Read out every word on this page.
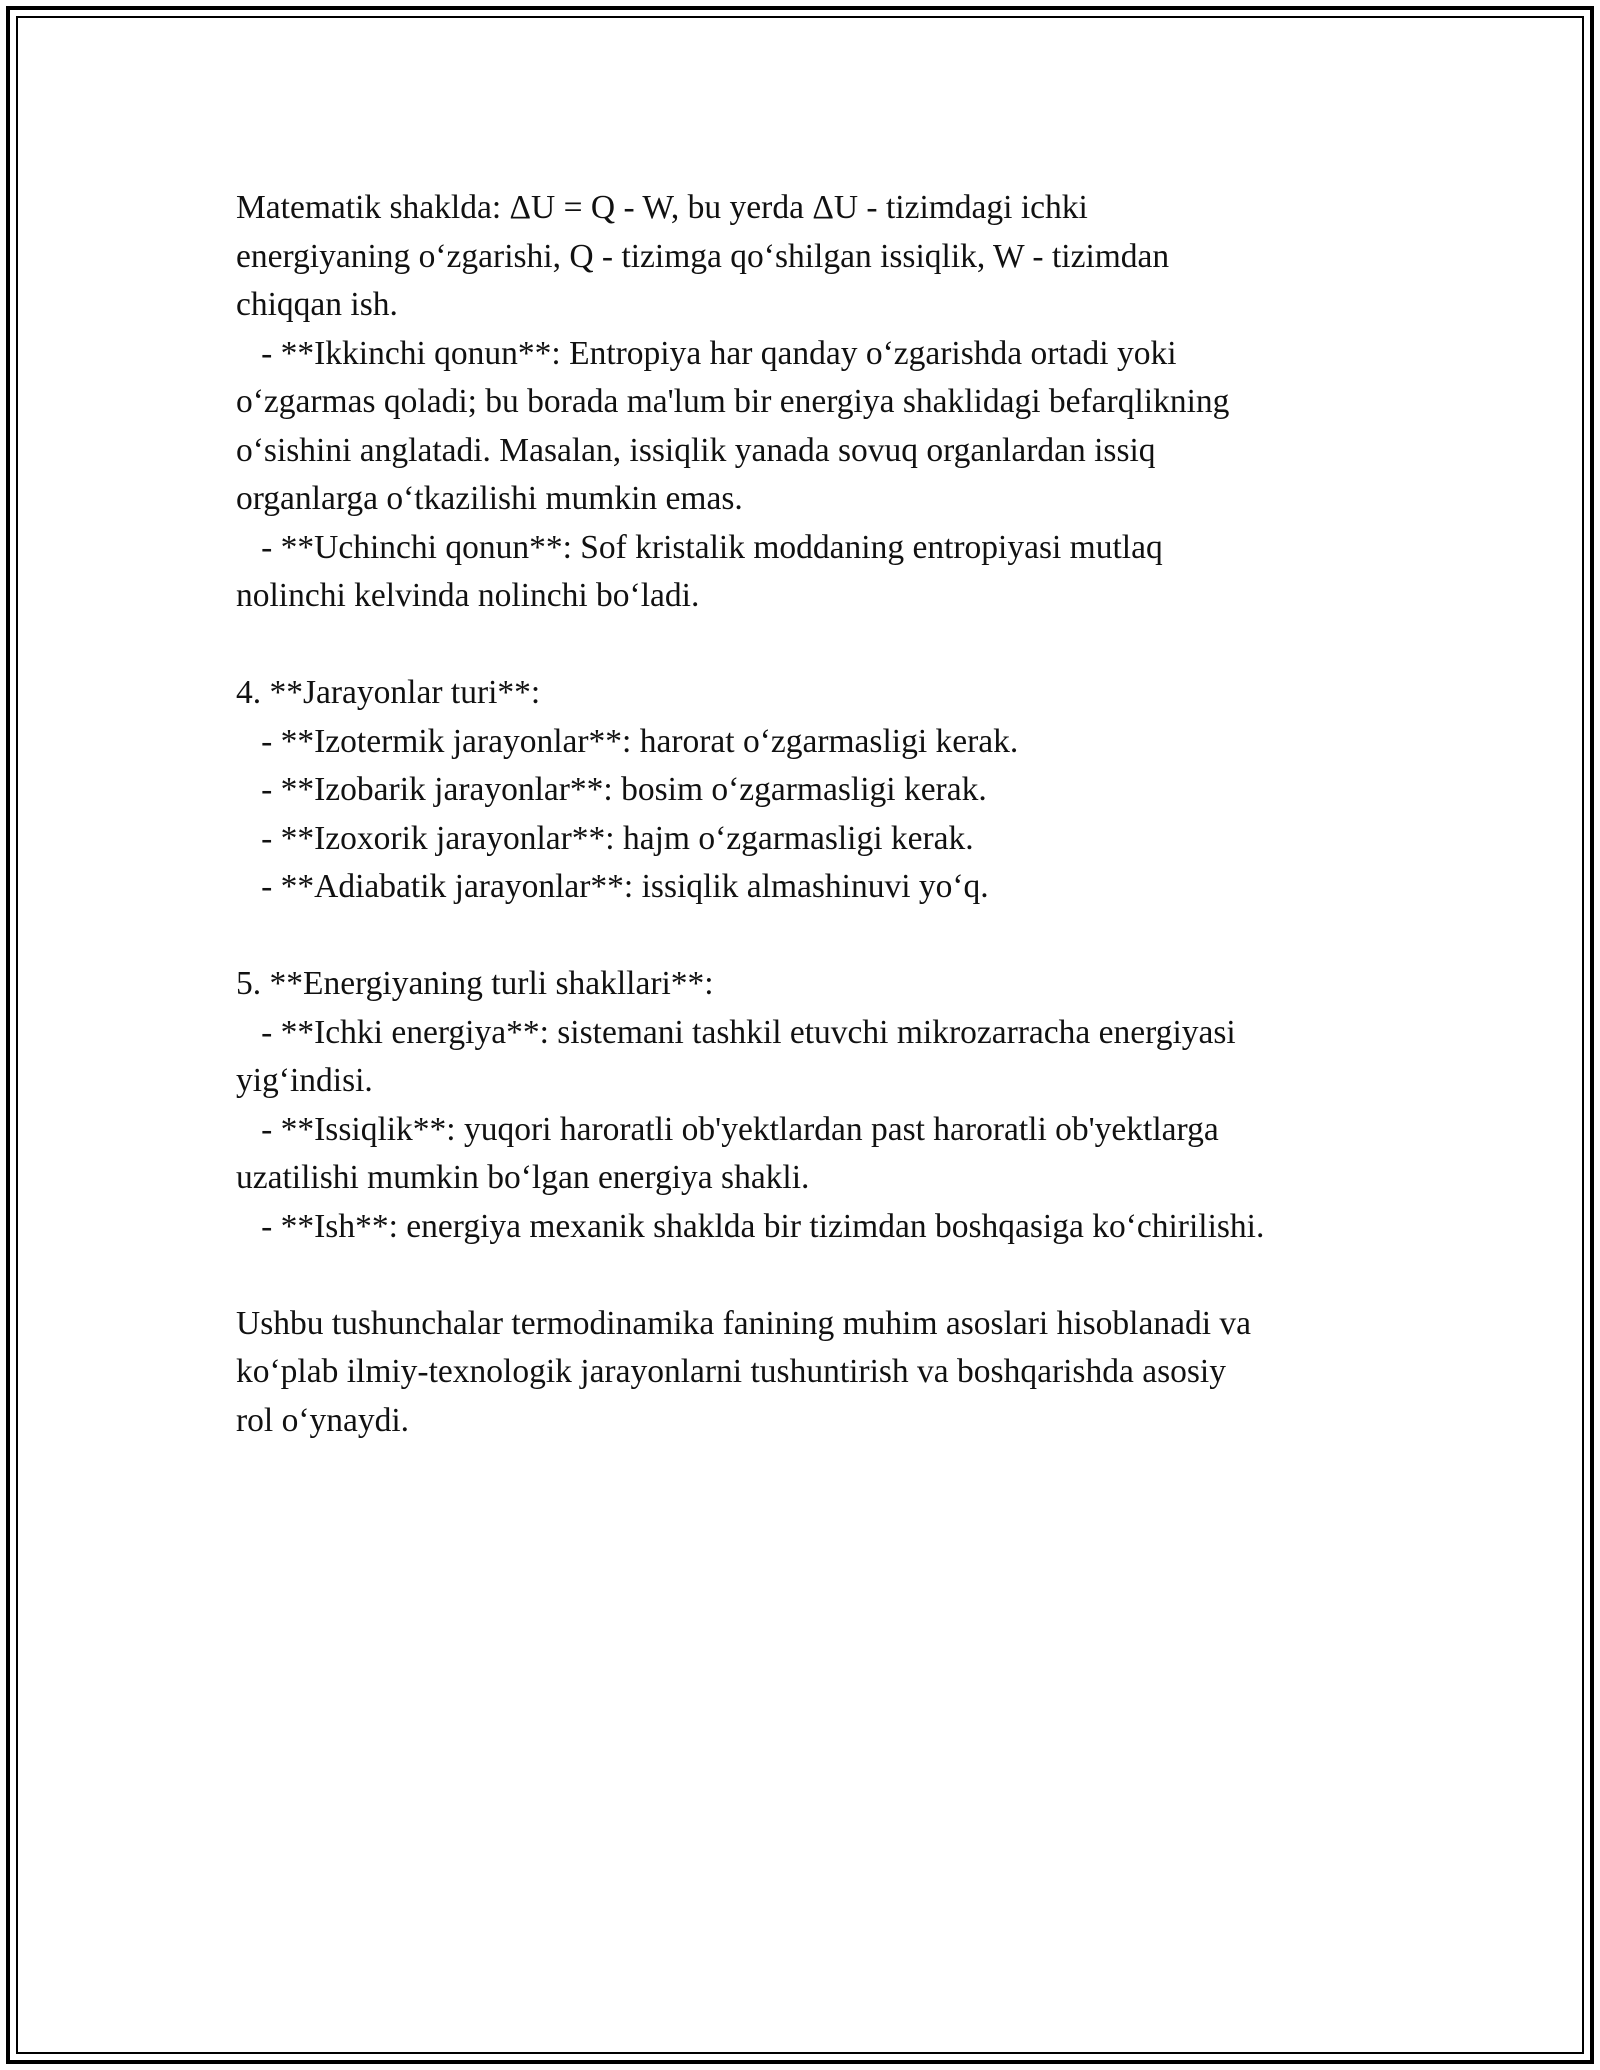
Matematik shaklda: ΔU = Q - W, bu yerda ΔU - tizimdagi ichki
energiyaning o‘zgarishi, Q - tizimga qo‘shilgan issiqlik, W - tizimdan
chiqqan ish.
- **Ikkinchi qonun**: Entropiya har qanday o‘zgarishda ortadi yoki
o‘zgarmas qoladi; bu borada ma'lum bir energiya shaklidagi befarqlikning
o‘sishini anglatadi. Masalan, issiqlik yanada sovuq organlardan issiq
organlarga o‘tkazilishi mumkin emas.
- **Uchinchi qonun**: Sof kristalik moddaning entropiyasi mutlaq
nolinchi kelvinda nolinchi bo‘ladi.
4. **Jarayonlar turi**:
- **Izotermik jarayonlar**: harorat o‘zgarmasligi kerak.
- **Izobarik jarayonlar**: bosim o‘zgarmasligi kerak.
- **Izoxorik jarayonlar**: hajm o‘zgarmasligi kerak.
- **Adiabatik jarayonlar**: issiqlik almashinuvi yo‘q.
5. **Energiyaning turli shakllari**:
- **Ichki energiya**: sistemani tashkil etuvchi mikrozarracha energiyasi
yig‘indisi.
- **Issiqlik**: yuqori haroratli ob'yektlardan past haroratli ob'yektlarga
uzatilishi mumkin bo‘lgan energiya shakli.
- **Ish**: energiya mexanik shaklda bir tizimdan boshqasiga ko‘chirilishi.
Ushbu tushunchalar termodinamika fanining muhim asoslari hisoblanadi va
ko‘plab ilmiy-texnologik jarayonlarni tushuntirish va boshqarishda asosiy
rol o‘ynaydi.
